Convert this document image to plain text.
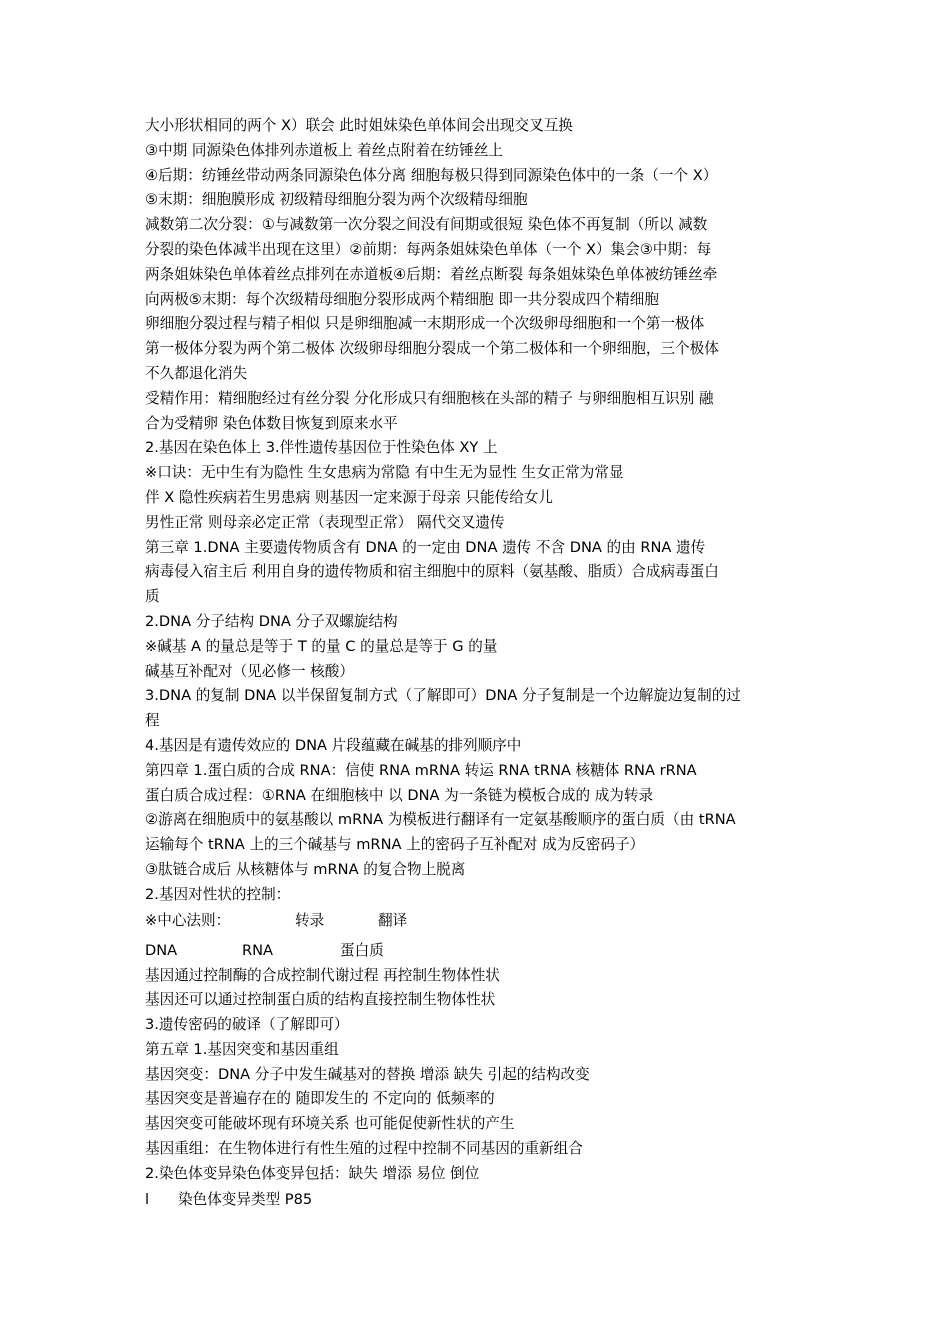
大小形状相同的两个 X）联会 此时姐妹染色单体间会出现交叉互换
③中期 同源染色体排列赤道板上 着丝点附着在纺锤丝上
④后期：纺锤丝带动两条同源染色体分离 细胞每极只得到同源染色体中的一条（一个 X）
⑤末期：细胞膜形成 初级精母细胞分裂为两个次级精母细胞
减数第二次分裂：①与减数第一次分裂之间没有间期或很短 染色体不再复制（所以 减数
分裂的染色体减半出现在这里）②前期：每两条姐妹染色单体（一个 X）集会③中期：每
两条姐妹染色单体着丝点排列在赤道板④后期：着丝点断裂 每条姐妹染色单体被纺锤丝牵
向两极⑤末期：每个次级精母细胞分裂形成两个精细胞 即一共分裂成四个精细胞
卵细胞分裂过程与精子相似 只是卵细胞减一末期形成一个次级卵母细胞和一个第一极体
第一极体分裂为两个第二极体 次级卵母细胞分裂成一个第二极体和一个卵细胞，三个极体
不久都退化消失
受精作用：精细胞经过有丝分裂 分化形成只有细胞核在头部的精子 与卵细胞相互识别 融
合为受精卵 染色体数目恢复到原来水平
2.基因在染色体上 3.伴性遗传基因位于性染色体 XY 上
※口诀：无中生有为隐性 生女患病为常隐 有中生无为显性 生女正常为常显
伴 X 隐性疾病若生男患病 则基因一定来源于母亲 只能传给女儿
男性正常 则母亲必定正常（表现型正常） 隔代交叉遗传
第三章 1.DNA 主要遗传物质含有 DNA 的一定由 DNA 遗传 不含 DNA 的由 RNA 遗传
病毒侵入宿主后 利用自身的遗传物质和宿主细胞中的原料（氨基酸、脂质）合成病毒蛋白
质
2.DNA 分子结构 DNA 分子双螺旋结构
※碱基 A 的量总是等于 T 的量 C 的量总是等于 G 的量
碱基互补配对（见必修一 核酸）
3.DNA 的复制 DNA 以半保留复制方式（了解即可）DNA 分子复制是一个边解旋边复制的过
程
4.基因是有遗传效应的 DNA 片段蕴藏在碱基的排列顺序中
第四章 1.蛋白质的合成 RNA：信使 RNA mRNA 转运 RNA tRNA 核糖体 RNA rRNA
蛋白质合成过程：①RNA 在细胞核中 以 DNA 为一条链为模板合成的 成为转录
②游离在细胞质中的氨基酸以 mRNA 为模板进行翻译有一定氨基酸顺序的蛋白质（由 tRNA
运输每个 tRNA 上的三个碱基与 mRNA 上的密码子互补配对 成为反密码子）
③肽链合成后 从核糖体与 mRNA 的复合物上脱离
2.基因对性状的控制：
※中心法则：	转录	翻译
DNA	RNA	蛋白质
基因通过控制酶的合成控制代谢过程 再控制生物体性状
基因还可以通过控制蛋白质的结构直接控制生物体性状
3.遗传密码的破译（了解即可）
第五章 1.基因突变和基因重组
基因突变：DNA 分子中发生碱基对的替换 增添 缺失 引起的结构改变
基因突变是普遍存在的 随即发生的 不定向的 低频率的
基因突变可能破坏现有环境关系 也可能促使新性状的产生
基因重组：在生物体进行有性生殖的过程中控制不同基因的重新组合
2.染色体变异染色体变异包括：缺失 增添 易位 倒位
l 染色体变异类型 P85
